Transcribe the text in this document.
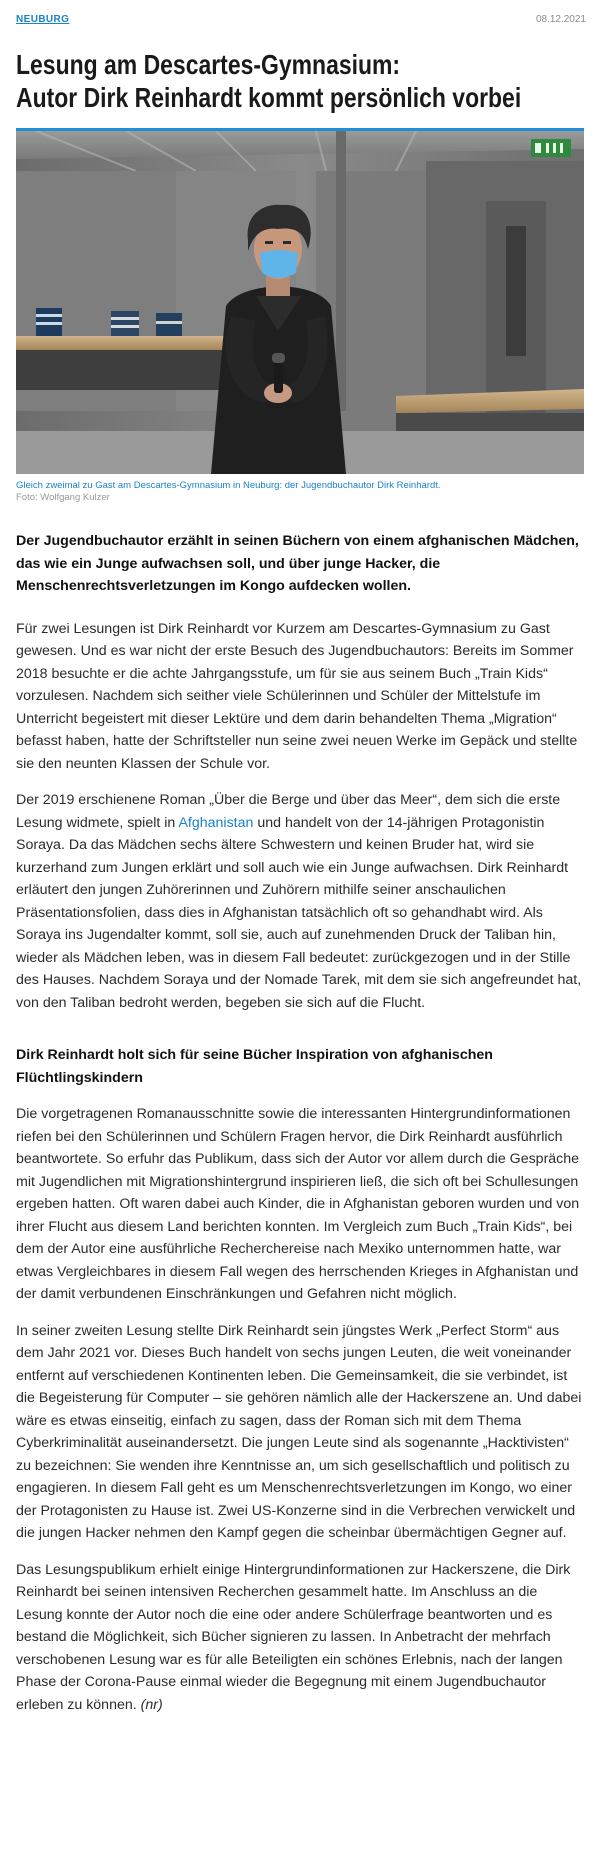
NEUBURG	08.12.2021
Lesung am Descartes-Gymnasium:
Autor Dirk Reinhardt kommt persönlich vorbei
Gleich zweimal zu Gast am Descartes-Gymnasium in Neuburg: der Jugendbuchautor Dirk Reinhardt.
Foto: Wolfgang Kulzer

Der Jugendbuchautor erzählt in seinen Büchern von einem afghanischen Mädchen, das wie ein Junge aufwachsen soll, und über junge Hacker, die Menschenrechtsverletzungen im Kongo aufdecken wollen.

Für zwei Lesungen ist Dirk Reinhardt vor Kurzem am Descartes-Gymnasium zu Gast gewesen. Und es war nicht der erste Besuch des Jugendbuchautors: Bereits im Sommer 2018 besuchte er die achte Jahrgangsstufe, um für sie aus seinem Buch „Train Kids“ vorzulesen. Nachdem sich seither viele Schülerinnen und Schüler der Mittelstufe im Unterricht begeistert mit dieser Lektüre und dem darin behandelten Thema „Migration“ befasst haben, hatte der Schriftsteller nun seine zwei neuen Werke im Gepäck und stellte sie den neunten Klassen der Schule vor.

Der 2019 erschienene Roman „Über die Berge und über das Meer“, dem sich die erste Lesung widmete, spielt in Afghanistan und handelt von der 14-jährigen Protagonistin Soraya. Da das Mädchen sechs ältere Schwestern und keinen Bruder hat, wird sie kurzerhand zum Jungen erklärt und soll auch wie ein Junge aufwachsen. Dirk Reinhardt erläutert den jungen Zuhörerinnen und Zuhörern mithilfe seiner anschaulichen Präsentationsfolien, dass dies in Afghanistan tatsächlich oft so gehandhabt wird. Als Soraya ins Jugendalter kommt, soll sie, auch auf zunehmenden Druck der Taliban hin, wieder als Mädchen leben, was in diesem Fall bedeutet: zurückgezogen und in der Stille des Hauses. Nachdem Soraya und der Nomade Tarek, mit dem sie sich angefreundet hat, von den Taliban bedroht werden, begeben sie sich auf die Flucht.

Dirk Reinhardt holt sich für seine Bücher Inspiration von afghanischen Flüchtlingskindern

Die vorgetragenen Romanausschnitte sowie die interessanten Hintergrundinformationen riefen bei den Schülerinnen und Schülern Fragen hervor, die Dirk Reinhardt ausführlich beantwortete. So erfuhr das Publikum, dass sich der Autor vor allem durch die Gespräche mit Jugendlichen mit Migrationshintergrund inspirieren ließ, die sich oft bei Schullesungen ergeben hatten. Oft waren dabei auch Kinder, die in Afghanistan geboren wurden und von ihrer Flucht aus diesem Land berichten konnten. Im Vergleich zum Buch „Train Kids“, bei dem der Autor eine ausführliche Recherchereise nach Mexiko unternommen hatte, war etwas Vergleichbares in diesem Fall wegen des herrschenden Krieges in Afghanistan und der damit verbundenen Einschränkungen und Gefahren nicht möglich.

In seiner zweiten Lesung stellte Dirk Reinhardt sein jüngstes Werk „Perfect Storm“ aus dem Jahr 2021 vor. Dieses Buch handelt von sechs jungen Leuten, die weit voneinander entfernt auf verschiedenen Kontinenten leben. Die Gemeinsamkeit, die sie verbindet, ist die Begeisterung für Computer – sie gehören nämlich alle der Hackerszene an. Und dabei wäre es etwas einseitig, einfach zu sagen, dass der Roman sich mit dem Thema Cyberkriminalität auseinandersetzt. Die jungen Leute sind als sogenannte „Hacktivisten“ zu bezeichnen: Sie wenden ihre Kenntnisse an, um sich gesellschaftlich und politisch zu engagieren. In diesem Fall geht es um Menschenrechtsverletzungen im Kongo, wo einer der Protagonisten zu Hause ist. Zwei US-Konzerne sind in die Verbrechen verwickelt und die jungen Hacker nehmen den Kampf gegen die scheinbar übermächtigen Gegner auf.

Das Lesungspublikum erhielt einige Hintergrundinformationen zur Hackerszene, die Dirk Reinhardt bei seinen intensiven Recherchen gesammelt hatte. Im Anschluss an die Lesung konnte der Autor noch die eine oder andere Schülerfrage beantworten und es bestand die Möglichkeit, sich Bücher signieren zu lassen. In Anbetracht der mehrfach verschobenen Lesung war es für alle Beteiligten ein schönes Erlebnis, nach der langen Phase der Corona-Pause einmal wieder die Begegnung mit einem Jugendbuchautor erleben zu können. (nr)
